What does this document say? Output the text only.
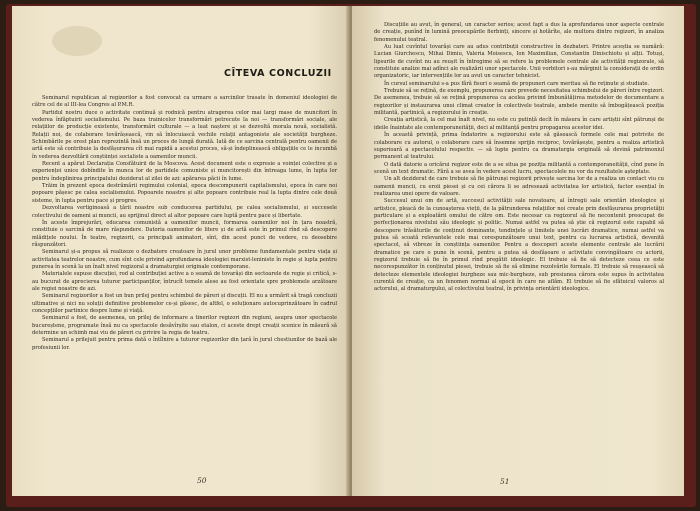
CÎTEVA CONCLUZII

Seminarul republican al regizorilor a fost convocat ca urmare a sarcinilor trasate în domeniul ideologiei de către cel de al III-lea Congres al P.M.R.

Partidul nostru duce o activitate continuă și rodnică pentru atragerea celor mai largi mase de muncitori în vederea înfăptuirii socialismului. Pe baza trainicelor transformări petrecute la noi — transformări sociale, ale relațiilor de producție existente, transformări culturale — a luat naștere și se dezvoltă morala nouă, socialistă. Relații noi, de colaborare tovărășească, vin să înlocuiască vechile relații antagoniste ale societății burgheze. Schimbările pe orest plan reprezintă însă un proces de lungă durată. Iată de ce sarcina centrală pentru oamenii de artă este să contribuie la desfășurarea cît mai rapidă a acestui proces, să-și îndeplinească obligațiile ce le incumbă în vederea dezvoltării conștiinței socialiste a oamenilor muncii.

Recent a apărut Declarația Consfătuirii de la Moscova. Acest document este o expresie a voinței colective și a experienței unice dobîndite în munca lor de partidele comuniste și muncitorești din întreaga lume, în lupta lor pentru îndeplinirea principalului deziderat al zilei de azi: apărarea păcii în lume.

Trăim în prezent epoca destrămării regimului colonial, epoca descompunerii capitalismului, epoca în care noi popoare pășesc pe calea socialismului. Popoarele noastre și alte popoare contribuie real la lupta dintre cele două sisteme, în lupta pentru pace și progres.

Dezvoltarea vertiginoasă a țării noastre sub conducerea partidului, pe calea socialismului, și succesele colectivului de oameni ai muncii, au sprijinul direct al altor popoare care luptă pentru pace și libertate.

În aceste împrejurări, educarea comunistă a oamenilor muncii, formarea oamenilor noi în țara noastră, constituie o sarcină de mare răspundere. Datoria oamenilor de litere și de artă este în primul rînd să descopere mlădițele noului. În teatre, regizorii, ca principali animatori, sînt, din acest punct de vedere, cu deosebire răspunzători.

Seminarul și-a propus să realizeze o dezbatere creatoare în jurul unor probleme fundamentale pentru viața și activitatea teatrelor noastre, cum sînt cele privind aprofundarea ideologiei marxist-leniniste în regie și lupta pentru punerea în scenă la un înalt nivel regizoral a dramaturgiei originale contemporane.

Materialele supuse discuției, rod al contribuției active a o seamă de tovarăși din sectoarele de regie și critică, s-au bucurat de aprecierea tuturor participanților, întrucît temele alese au fost orientate spre problemele arzătoare ale regiei noastre de azi.

Seminarul regizorilor a fost un bun prilej pentru schimbul de păreri și discuții. El nu a urmărit să tragă concluzii ultimative și nici nu soluții definitive problemelor ce-și găsesc, de altfel, o soluționare autocuprinzătoare în cadrul concepțiilor partinice despre lume și viață.

Seminarul a fost, de asemenea, un prilej de informare a tinerilor regizori din regiuni, asupra unor spectacole bucureștene, programate însă nu ca spectacole desăvîrșite sau etalon, ci aceste drept creații scenice în măsură să determine un schimb mai viu de păreri cu privire la regia de teatru.

Seminarul a prilejuit pentru prima dată o întîlnire a tuturor regizorilor din țară în jurul chestiunilor de bază ale profesiunii lor.

50

Discuțiile au avut, în general, un caracter serios; acest fapt a dus la aprofundarea unor aspecte centrale de creație, punînd în lumină preocupările fierbinți, sincere și hotărîte, ale multora dintre regizori, în analiza fenomenului teatral.

Au luat cuvîntul tovarăși care au adus contribuții constructive în dezbateri. Printre aceștia se numără: Lucian Giurchescu, Mihai Dimiu, Valeria Moisescu, Ion Maximilian, Constantin Dinischiotu și alții. Totuși, lipsurile de cuvînt nu au reușit în întregime să se refere la problemele centrale ale activității regizorale, să constituie analize mai adînci ale realizării unor spectacole. Unii vorbitori s-au mărginit la considerații de ordin organizatoric, iar intervențiile lor au avut un caracter tehnicist.

În cursul seminarului s-a pus fără fisuri o seamă de propuneri care meritau să fie reținute și studiate.

Trebuie să se rețină, de exemplu, propunerea care prevede necesitatea schimbului de păreri între regizori. De asemenea, trebuie să se rețină propunerea ca acelea privind îmbunătățirea metodelor de documentare a regizorilor și instaurarea unui climat creator în colectivele teatrale, ambele menite să îmbogățească poziția militantă, partinică, a regizorului în creație.

Creația artistică, la cel mai înalt nivel, nu este cu putință decît în măsura în care artiștii sînt pătrunși de ideile înaintate ale contemporaneității, deci al militanță pentru propagarea acestor idei.

În această privință, prima îndatorire a regizorului este să găsească formele cele mai potrivite de colaborare cu autorul, o colaborare care să însemne sprijin reciproc, tovărășește, pentru a realiza artistică superioară a spectacolului respectiv. — să lupte pentru ca dramaturgia originală să devină patrimoniul permanent al teatrului.

O dată datorie a oricărui regizor este de a se situa pe poziția militantă a contemporaneității, cînd pune în scenă un text dramatic. Fără a se avea în vedere acest lucru, spectacolele nu vor da rezultatele așteptate.

Un alt deziderat de care trebuie să fie pătrunși regizorii privește sarcina lor de a realiza un contact viu cu oamenii muncii, cu eroii piesei și cu cei cărora li se adresează activitatea lor artistică, factor esențial în realizarea unei opere de valoare.

Succesul unui om de artă, succesul activității sale novatoare, al întregii sale orientări ideologice și artistice, pleacă de la cunoașterea vieții, de la pătrunderea relațiilor noi create prin desfășurarea proprietății particulare și a exploatării omului de către om. Este necesar ca regizorul să fie necontenit preocupat de perfecționarea nivelului său ideologic și politic. Numai astfel va putea să știe că regizorul este capabil să descopere trăsăturile de conținut dominante, tendințele și limitele unei lucrări dramatice, numai astfel va putea să scoată relevantele cele mai corespunzătoare unui text, pentru ca lucrarea artistică, devenită spectacol, să vibreze în conștiința oamenilor. Pentru a descoperi aceste elemente centrale ale lucrării dramatice pe care o pune în scenă, pentru a putea să desfășoare o activitate convingătoare cu actorii, regizorul trebuie să fie în primul rînd pregătit ideologic. El trebuie să fie să detecteze ceea ce este necorespunzător în conținutul piesei, trebuie să fie să elimine rezolvările formale. El trebuie să reușească să detecteze elementele ideologiei burgheze sau mic-burgheze, sub presiunea cărora este supus în activitatea curentă de creație, ca un fenomen normal al epocii în care ne aflăm. El trebuie să fie sfătuicul valoros al actorului, al dramaturgului, al colectivului teatral, în privința orientării ideologice.

51
